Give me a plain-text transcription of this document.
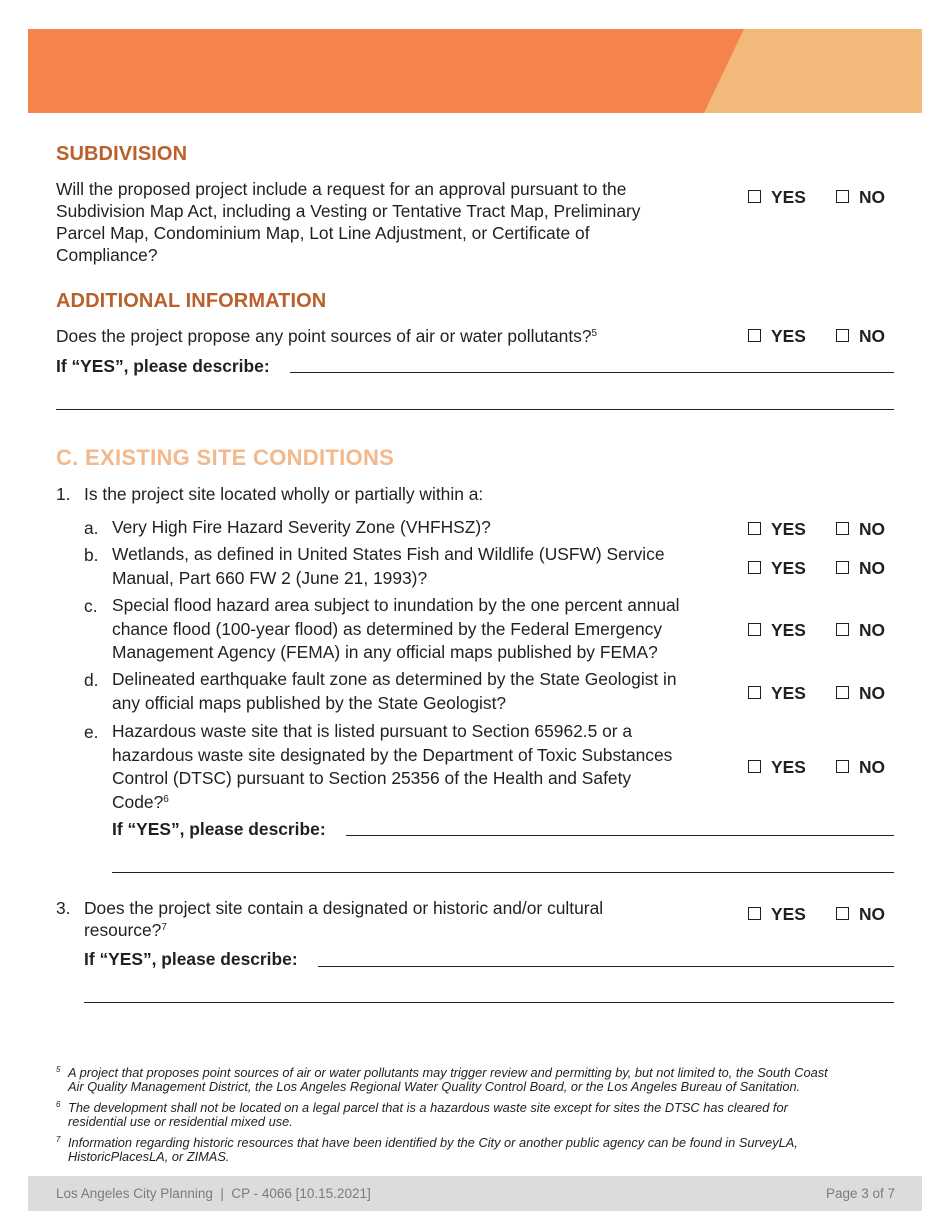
SUBDIVISION
Will the proposed project include a request for an approval pursuant to the
Subdivision Map Act, including a Vesting or Tentative Tract Map, Preliminary
Parcel Map, Condominium Map, Lot Line Adjustment, or Certificate of
Compliance?
YES	NO
ADDITIONAL INFORMATION
Does the project propose any point sources of air or water pollutants?$^5$	YES	NO
If “YES”, please describe:
C. EXISTING SITE CONDITIONS
1. Is the project site located wholly or partially within a:
a. Very High Fire Hazard Severity Zone (VHFHSZ)?	YES	NO
b. Wetlands, as defined in United States Fish and Wildlife (USFW) Service
Manual, Part 660 FW 2 (June 21, 1993)?	YES	NO
c. Special flood hazard area subject to inundation by the one percent annual
chance flood (100-year flood) as determined by the Federal Emergency
Management Agency (FEMA) in any official maps published by FEMA?
YES	NO
d. Delineated earthquake fault zone as determined by the State Geologist in
any official maps published by the State Geologist?	YES	NO
e. Hazardous waste site that is listed pursuant to Section 65962.5 or a
hazardous waste site designated by the Department of Toxic Substances
Control (DTSC) pursuant to Section 25356 of the Health and Safety
Code?$^6$
YES	NO
If “YES”, please describe:
3. Does the project site contain a designated or historic and/or cultural
resource?$^7$
YES	NO
If “YES”, please describe:
5 A project that proposes point sources of air or water pollutants may trigger review and permitting by, but not limited to, the South Coast
Air Quality Management District, the Los Angeles Regional Water Quality Control Board, or the Los Angeles Bureau of Sanitation.
6 The development shall not be located on a legal parcel that is a hazardous waste site except for sites the DTSC has cleared for
residential use or residential mixed use.
7 Information regarding historic resources that have been identified by the City or another public agency can be found in SurveyLA,
HistoricPlacesLA, or ZIMAS.
Los Angeles City Planning  |  CP - 4066 [10.15.2021]	Page 3 of 7
